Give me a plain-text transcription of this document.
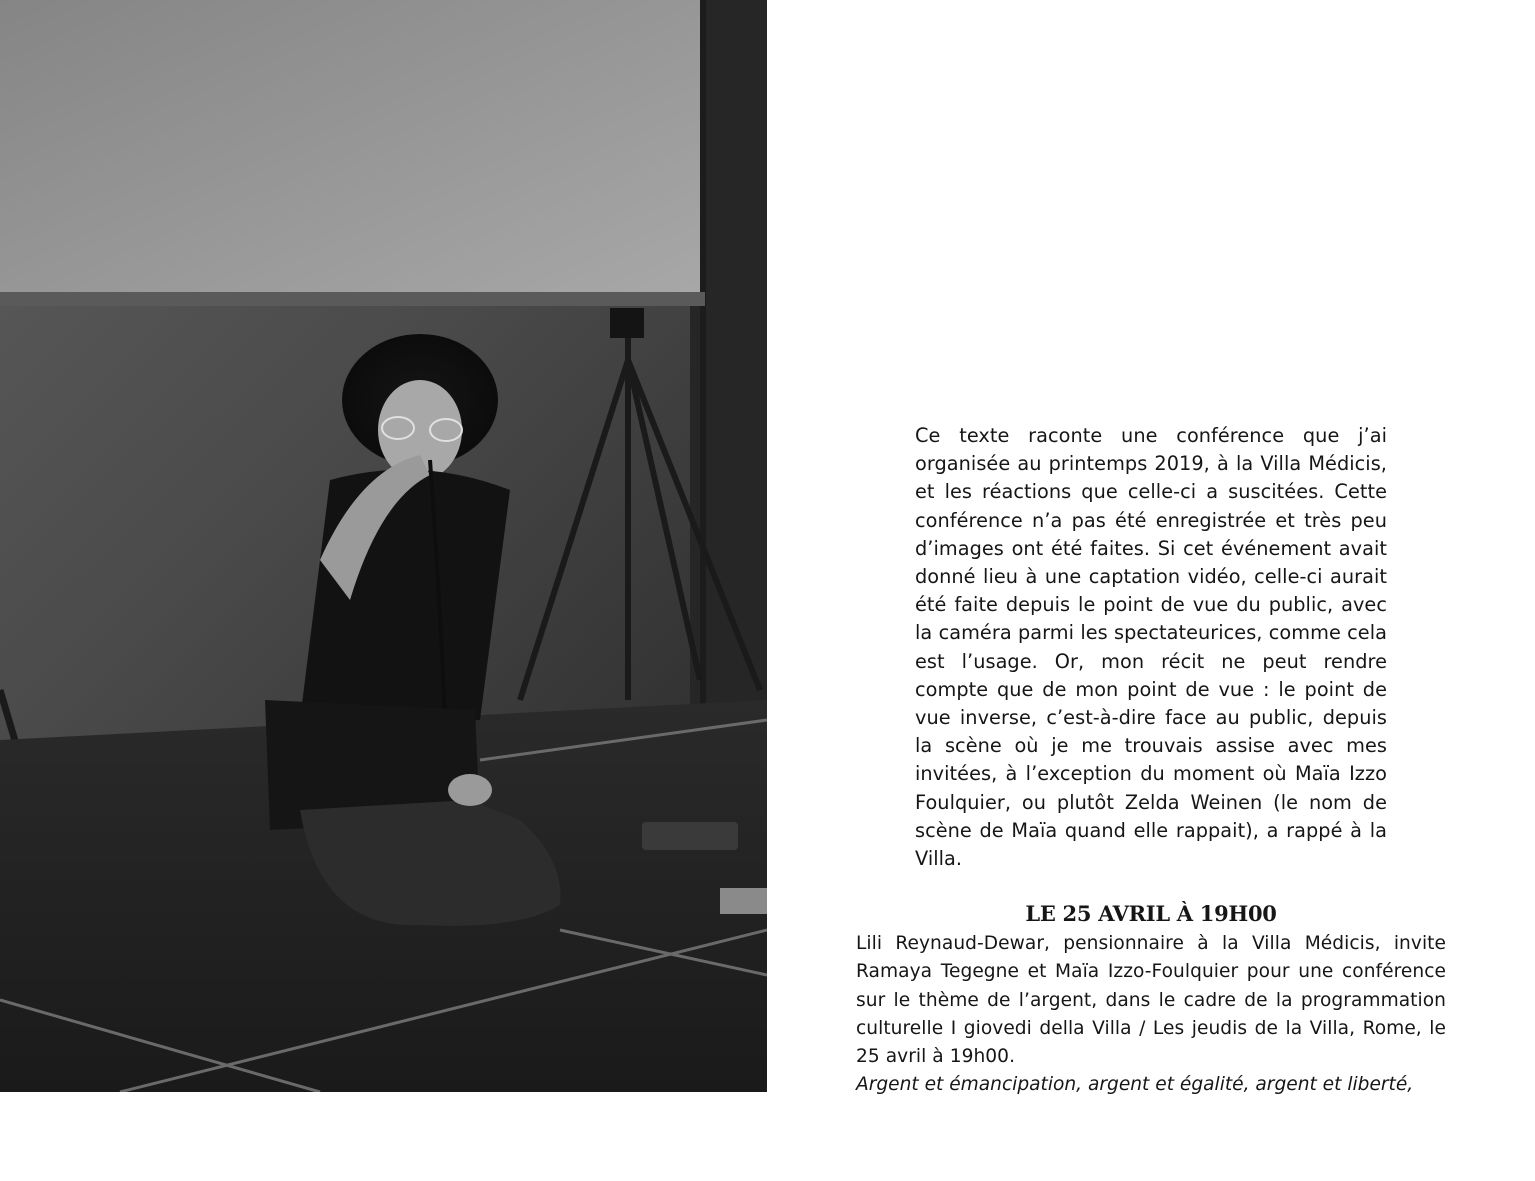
Ce texte raconte une conférence que j’ai organisée au printemps 2019, à la Villa Médicis, et les réactions que celle-ci a suscitées. Cette conférence n’a pas été enregistrée et très peu d’images ont été faites. Si cet événement avait donné lieu à une captation vidéo, celle-ci aurait été faite depuis le point de vue du public, avec la caméra parmi les spectateurices, comme cela est l’usage. Or, mon récit ne peut rendre compte que de mon point de vue : le point de vue inverse, c’est-à-dire face au public, depuis la scène où je me trouvais assise avec mes invitées, à l’exception du moment où Maïa Izzo Foulquier, ou plutôt Zelda Weinen (le nom de scène de Maïa quand elle rappait), a rappé à la Villa.

LE 25 AVRIL À 19H00

Lili Reynaud-Dewar, pensionnaire à la Villa Médicis, invite Ramaya Tegegne et Maïa Izzo-Foulquier pour une conférence sur le thème de l’argent, dans le cadre de la programmation culturelle I giovedi della Villa / Les jeudis de la Villa, Rome, le 25 avril à 19h00.

Argent et émancipation, argent et égalité, argent et liberté,
